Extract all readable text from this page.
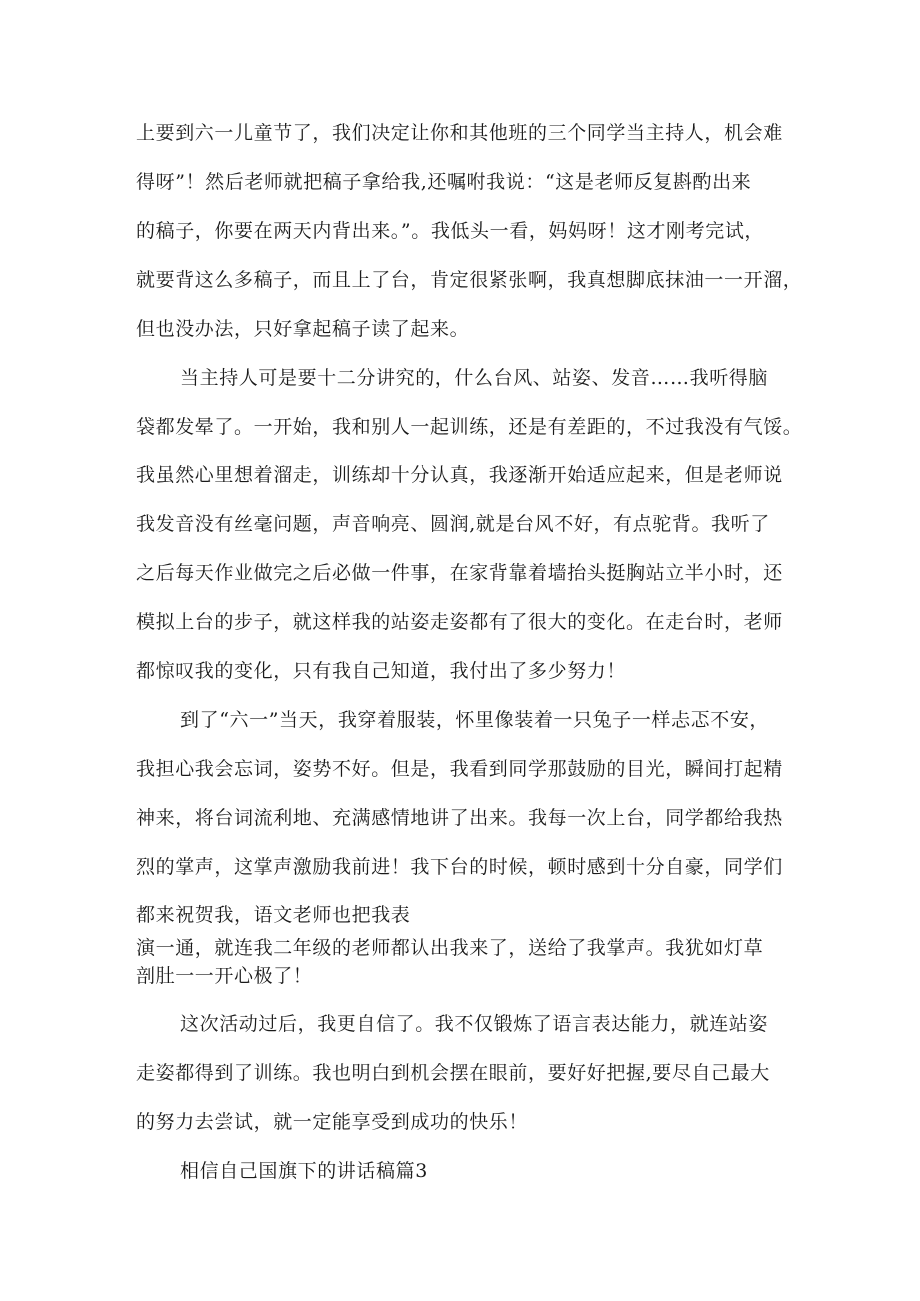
上要到六一儿童节了，我们决定让你和其他班的三个同学当主持人，机会难
得呀”！然后老师就把稿子拿给我,还嘱咐我说：“这是老师反复斟酌出来
的稿子，你要在两天内背出来。”。我低头一看，妈妈呀！这才刚考完试，
就要背这么多稿子，而且上了台，肯定很紧张啊，我真想脚底抹油一一开溜，
但也没办法，只好拿起稿子读了起来。
当主持人可是要十二分讲究的，什么台风、站姿、发音……我听得脑
袋都发晕了。一开始，我和别人一起训练，还是有差距的，不过我没有气馁。
我虽然心里想着溜走，训练却十分认真，我逐渐开始适应起来，但是老师说
我发音没有丝毫问题，声音响亮、圆润,就是台风不好，有点驼背。我听了
之后每天作业做完之后必做一件事，在家背靠着墙抬头挺胸站立半小时，还
模拟上台的步子，就这样我的站姿走姿都有了很大的变化。在走台时，老师
都惊叹我的变化，只有我自己知道，我付出了多少努力！
到了“六一”当天，我穿着服装，怀里像装着一只兔子一样忐忑不安，
我担心我会忘词，姿势不好。但是，我看到同学那鼓励的目光，瞬间打起精
神来，将台词流利地、充满感情地讲了出来。我每一次上台，同学都给我热
烈的掌声，这掌声激励我前进！我下台的时候，顿时感到十分自豪，同学们
都来祝贺我，语文老师也把我表
演一通，就连我二年级的老师都认出我来了，送给了我掌声。我犹如灯草
剖肚一一开心极了！
这次活动过后，我更自信了。我不仅锻炼了语言表达能力，就连站姿
走姿都得到了训练。我也明白到机会摆在眼前，要好好把握,要尽自己最大
的努力去尝试，就一定能享受到成功的快乐！
相信自己国旗下的讲话稿篇3
